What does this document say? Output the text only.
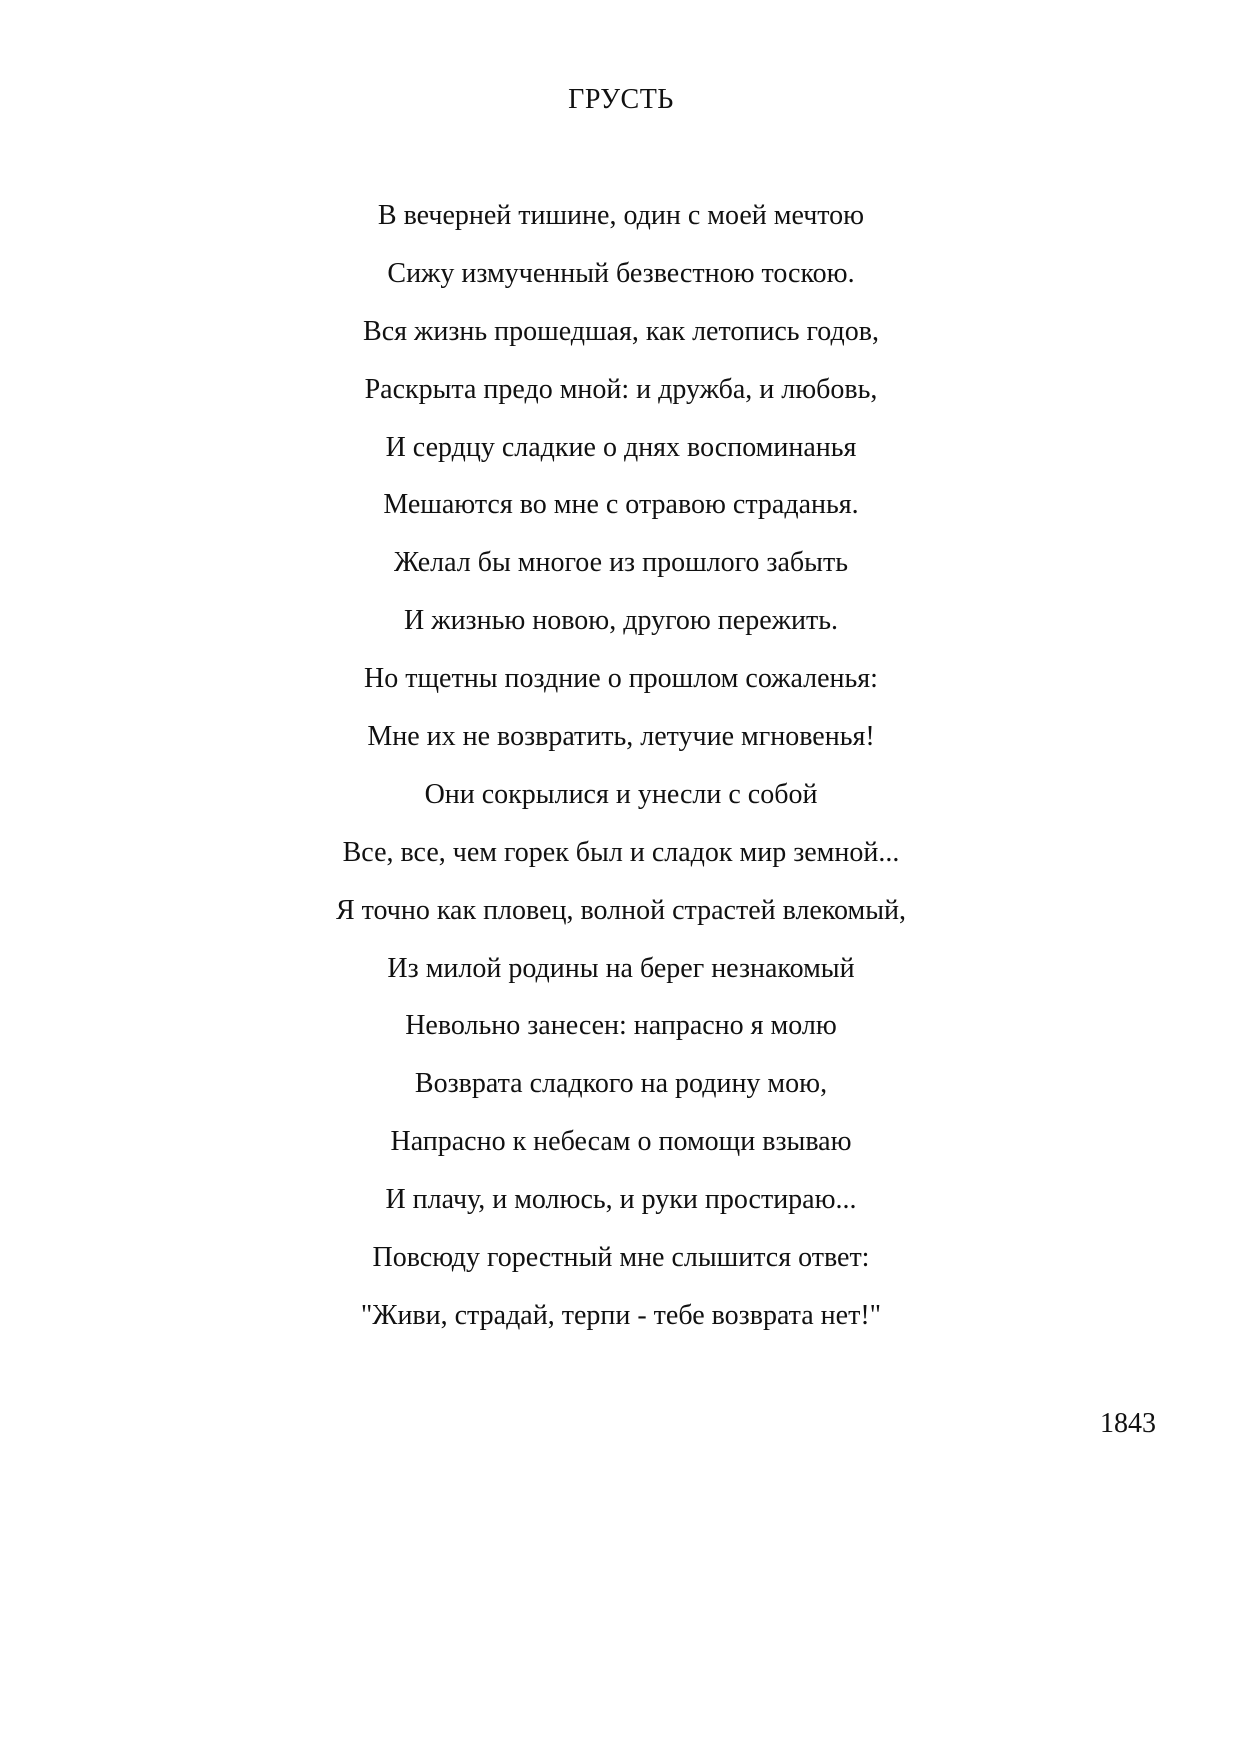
ГРУСТЬ
В вечерней тишине, один с моей мечтою
Сижу измученный безвестною тоскою.
Вся жизнь прошедшая, как летопись годов,
Раскрыта предо мной: и дружба, и любовь,
И сердцу сладкие о днях воспоминанья
Мешаются во мне с отравою страданья.
Желал бы многое из прошлого забыть
И жизнью новою, другою пережить.
Но тщетны поздние о прошлом сожаленья:
Мне их не возвратить, летучие мгновенья!
Они сокрылися и унесли с собой
Все, все, чем горек был и сладок мир земной...
Я точно как пловец, волной страстей влекомый,
Из милой родины на берег незнакомый
Невольно занесен: напрасно я молю
Возврата сладкого на родину мою,
Напрасно к небесам о помощи взываю
И плачу, и молюсь, и руки простираю...
Повсюду горестный мне слышится ответ:
"Живи, страдай, терпи - тебе возврата нет!"
1843
